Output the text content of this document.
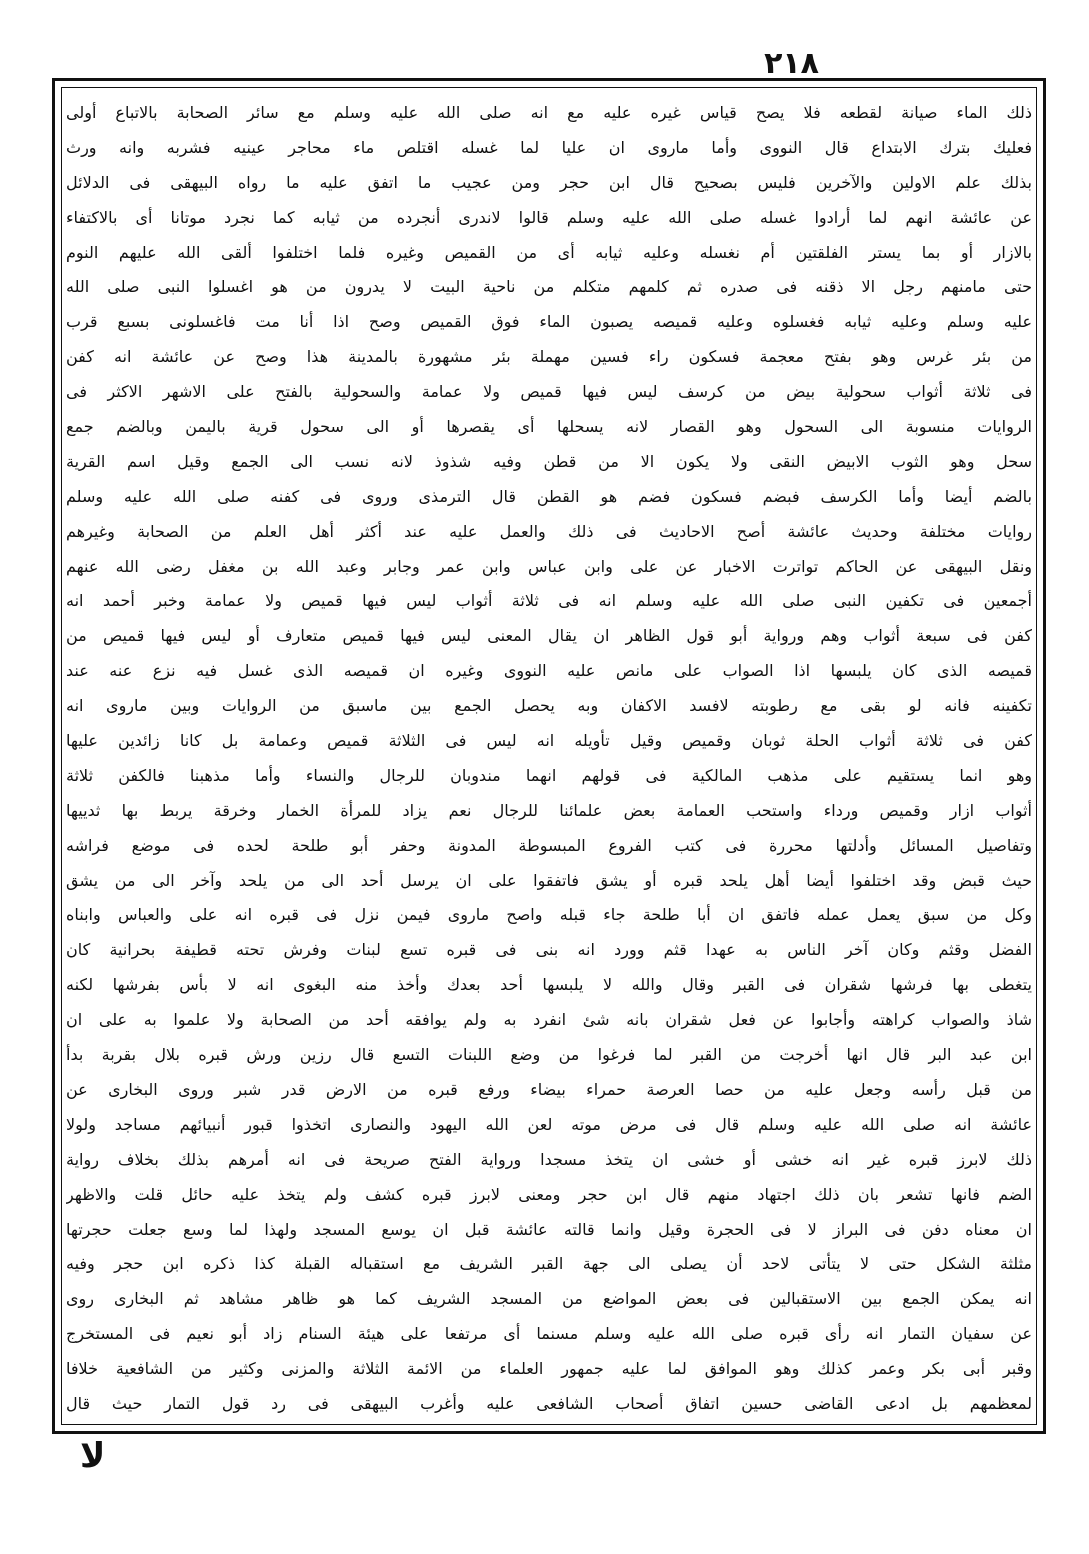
٢١٨
ذلك الماء صيانة لقطعه فلا يصح قياس غيره عليه مع انه صلى الله عليه وسلم مع سائر الصحابة بالاتباع أولى
فعليك بترك الابتداع قال النووى وأما ماروى ان عليا لما غسله اقتلص ماء محاجر عينيه فشربه وانه ورث
بذلك علم الاولين والآخرين فليس بصحيح قال ابن حجر ومن عجيب ما اتفق عليه ما رواه البيهقى فى الدلائل
عن عائشة انهم لما أرادوا غسله صلى الله عليه وسلم قالوا لاندرى أنجرده من ثيابه كما نجرد موتانا أى بالاكتفاء
بالازار أو بما يستر الفلقتين أم نغسله وعليه ثيابه أى من القميص وغيره فلما اختلفوا ألقى الله عليهم النوم
حتى مامنهم رجل الا ذقنه فى صدره ثم كلمهم متكلم من ناحية البيت لا يدرون من هو اغسلوا النبى صلى الله
عليه وسلم وعليه ثيابه فغسلوه وعليه قميصه يصبون الماء فوق القميص وصح اذا أنا مت فاغسلونى بسبع قرب
من بئر غرس وهو بفتح معجمة فسكون راء فسين مهملة بئر مشهورة بالمدينة هذا وصح عن عائشة انه كفن
فى ثلاثة أثواب سحولية بيض من كرسف ليس فيها قميص ولا عمامة والسحولية بالفتح على الاشهر الاكثر فى
الروايات منسوبة الى السحول وهو القصار لانه يسحلها أى يقصرها أو الى سحول قرية باليمن وبالضم جمع
سحل وهو الثوب الابيض النقى ولا يكون الا من قطن وفيه شذوذ لانه نسب الى الجمع وقيل اسم القرية
بالضم أيضا وأما الكرسف فبضم فسكون فضم هو القطن قال الترمذى وروى فى كفنه صلى الله عليه وسلم
روايات مختلفة وحديث عائشة أصح الاحاديث فى ذلك والعمل عليه عند أكثر أهل العلم من الصحابة وغيرهم
ونقل البيهقى عن الحاكم تواترت الاخبار عن على وابن عباس وابن عمر وجابر وعبد الله بن مغفل رضى الله عنهم
أجمعين فى تكفين النبى صلى الله عليه وسلم انه فى ثلاثة أثواب ليس فيها قميص ولا عمامة وخبر أحمد انه
كفن فى سبعة أثواب وهم ورواية أبو قول الظاهر ان يقال المعنى ليس فيها قميص متعارف أو ليس فيها قميص من
قميصه الذى كان يلبسها اذا الصواب على مانص عليه النووى وغيره ان قميصه الذى غسل فيه نزع عنه عند
تكفينه فانه لو بقى مع رطوبته لافسد الاكفان وبه يحصل الجمع بين ماسبق من الروايات وبين ماروى انه
كفن فى ثلاثة أثواب الحلة ثوبان وقميص وقيل تأويله انه ليس فى الثلاثة قميص وعمامة بل كانا زائدين عليها
وهو انما يستقيم على مذهب المالكية فى قولهم انهما مندوبان للرجال والنساء وأما مذهبنا فالكفن ثلاثة
أثواب ازار وقميص ورداء واستحب العمامة بعض علمائنا للرجال نعم يزاد للمرأة الخمار وخرقة يربط بها ثدييها
وتفاصيل المسائل وأدلتها محررة فى كتب الفروع المبسوطة المدونة وحفر أبو طلحة لحده فى موضع فراشه
حيث قبض وقد اختلفوا أيضا أهل يلحد قبره أو يشق فاتفقوا على ان يرسل أحد الى من يلحد وآخر الى من يشق
وكل من سبق يعمل عمله فاتفق ان أبا طلحة جاء قبله واصح ماروى فيمن نزل فى قبره انه على والعباس وابناه
الفضل وقثم وكان آخر الناس به عهدا قثم وورد انه بنى فى قبره تسع لبنات وفرش تحته قطيفة بحرانية كان
يتغطى بها فرشها شقران فى القبر وقال والله لا يلبسها أحد بعدك وأخذ منه البغوى انه لا بأس بفرشها لكنه
شاذ والصواب كراهته وأجابوا عن فعل شقران بانه شئ انفرد به ولم يوافقه أحد من الصحابة ولا علموا به على ان
ابن عبد البر قال انها أخرجت من القبر لما فرغوا من وضع اللبنات التسع قال رزين ورش قبره بلال بقربة بدأ
من قبل رأسه وجعل عليه من حصا العرصة حمراء بيضاء ورفع قبره من الارض قدر شبر وروى البخارى عن
عائشة انه صلى الله عليه وسلم قال فى مرض موته لعن الله اليهود والنصارى اتخذوا قبور أنبيائهم مساجد ولولا
ذلك لابرز قبره غير انه خشى أو خشى ان يتخذ مسجدا ورواية الفتح صريحة فى انه أمرهم بذلك بخلاف رواية
الضم فانها تشعر بان ذلك اجتهاد منهم قال ابن حجر ومعنى لابرز قبره كشف ولم يتخذ عليه حائل قلت والاظهر
ان معناه دفن فى البراز لا فى الحجرة وقيل وانما قالته عائشة قبل ان يوسع المسجد ولهذا لما وسع جعلت حجرتها
مثلثة الشكل حتى لا يتأتى لاحد أن يصلى الى جهة القبر الشريف مع استقباله القبلة كذا ذكره ابن حجر وفيه
انه يمكن الجمع بين الاستقبالين فى بعض المواضع من المسجد الشريف كما هو ظاهر مشاهد ثم البخارى روى
عن سفيان التمار انه رأى قبره صلى الله عليه وسلم مسنما أى مرتفعا على هيئة السنام زاد أبو نعيم فى المستخرج
وقبر أبى بكر وعمر كذلك وهو الموافق لما عليه جمهور العلماء من الائمة الثلاثة والمزنى وكثير من الشافعية خلافا
لمعظمهم بل ادعى القاضى حسين اتفاق أصحاب الشافعى عليه وأغرب البيهقى فى رد قول التمار حيث قال
لا
